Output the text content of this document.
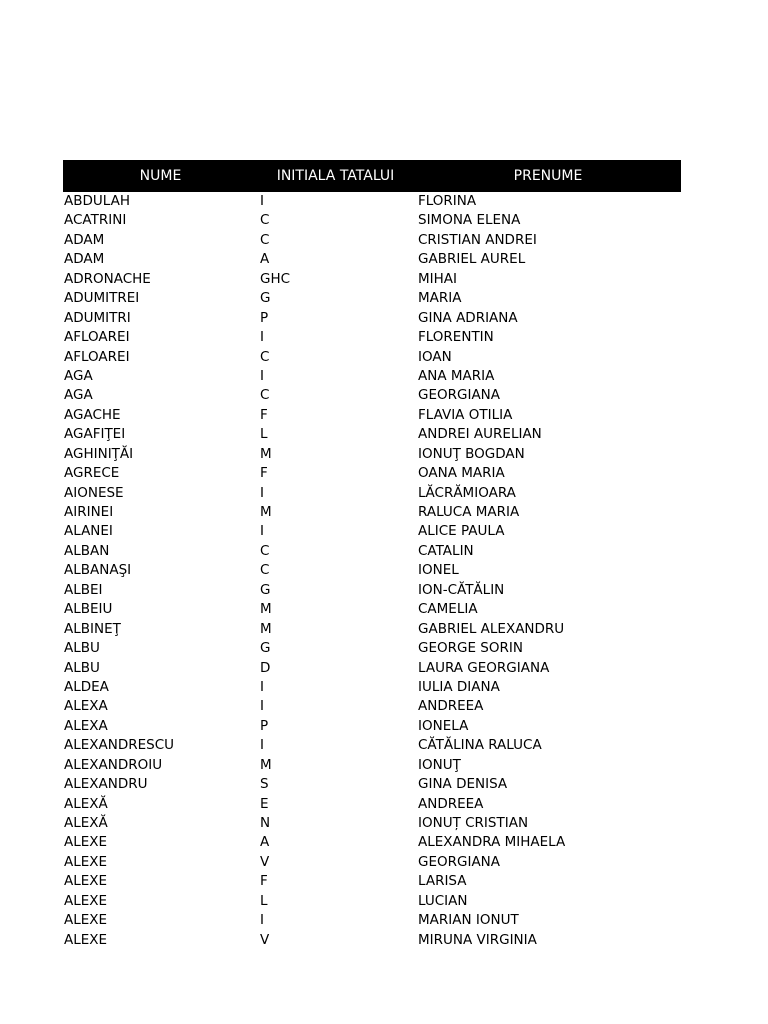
NUME	INITIALA TATALUI	PRENUME
ABDULAH	I	FLORINA
ACATRINI	C	SIMONA ELENA
ADAM	C	CRISTIAN ANDREI
ADAM	A	GABRIEL AUREL
ADRONACHE	GHC	MIHAI
ADUMITREI	G	MARIA
ADUMITRI	P	GINA ADRIANA
AFLOAREI	I	FLORENTIN
AFLOAREI	C	IOAN
AGA	I	ANA MARIA
AGA	C	GEORGIANA
AGACHE	F	FLAVIA OTILIA
AGAFIŢEI	L	ANDREI AURELIAN
AGHINIŢĂI	M	IONUŢ BOGDAN
AGRECE	F	OANA MARIA
AIONESE	I	LĂCRĂMIOARA
AIRINEI	M	RALUCA MARIA
ALANEI	I	ALICE PAULA
ALBAN	C	CATALIN
ALBANAŞI	C	IONEL
ALBEI	G	ION-CĂTĂLIN
ALBEIU	M	CAMELIA
ALBINEŢ	M	GABRIEL ALEXANDRU
ALBU	G	GEORGE SORIN
ALBU	D	LAURA GEORGIANA
ALDEA	I	IULIA DIANA
ALEXA	I	ANDREEA
ALEXA	P	IONELA
ALEXANDRESCU	I	CĂTĂLINA RALUCA
ALEXANDROIU	M	IONUŢ
ALEXANDRU	S	GINA DENISA
ALEXĂ	E	ANDREEA
ALEXĂ	N	IONUȚ CRISTIAN
ALEXE	A	ALEXANDRA MIHAELA
ALEXE	V	GEORGIANA
ALEXE	F	LARISA
ALEXE	L	LUCIAN
ALEXE	I	MARIAN IONUT
ALEXE	V	MIRUNA VIRGINIA
